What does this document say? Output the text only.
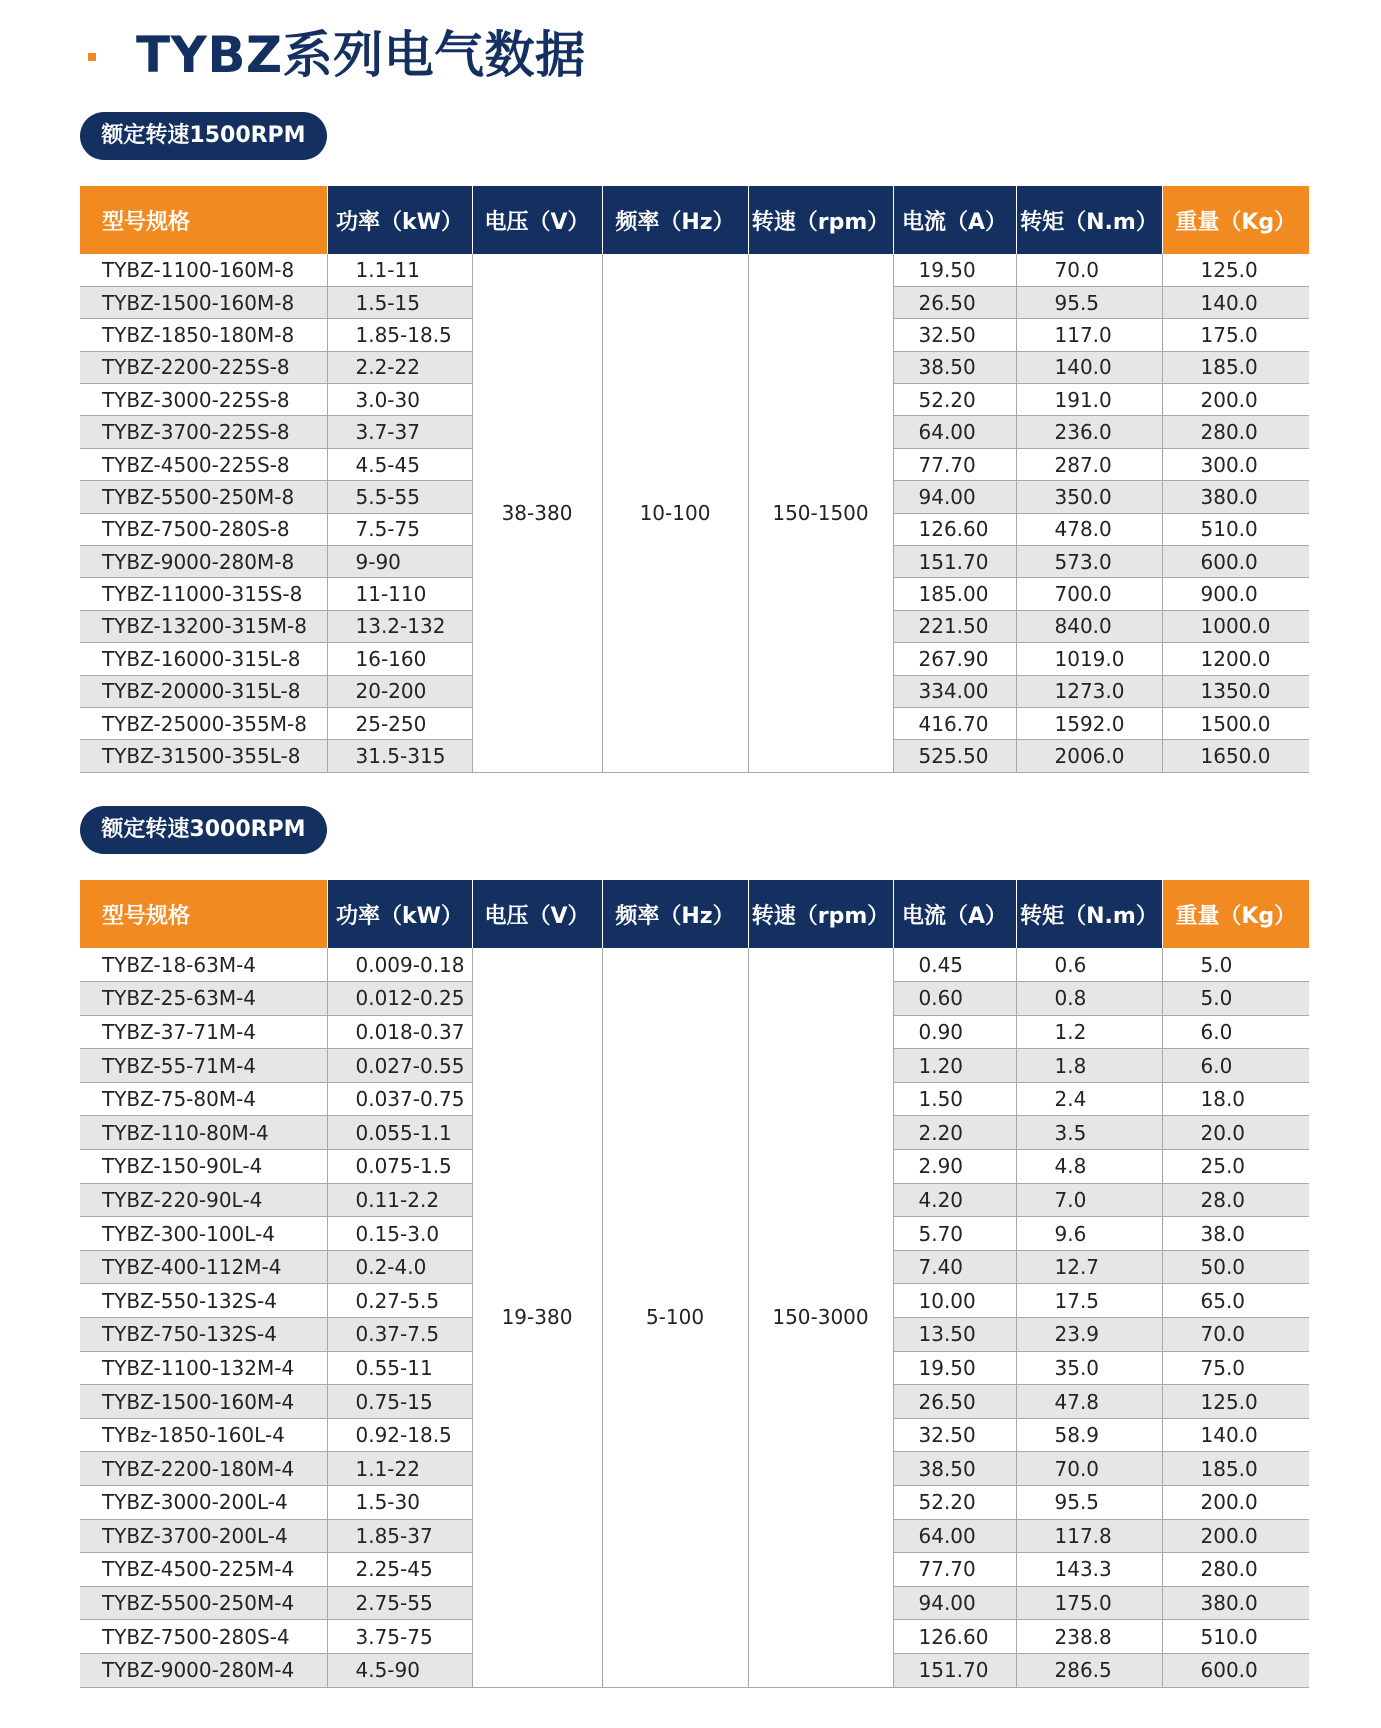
TYBZ系列电气数据
额定转速1500RPM
型号规格	功率（kW）	电压（V）	频率（Hz）	转速（rpm）	电流（A）	转矩（N.m）	重量（Kg）
TYBZ-1100-160M-8	1.1-11	38-380	10-100	150-1500	19.50	70.0	125.0
TYBZ-1500-160M-8	1.5-15				26.50	95.5	140.0
TYBZ-1850-180M-8	1.85-18.5				32.50	117.0	175.0
TYBZ-2200-225S-8	2.2-22				38.50	140.0	185.0
TYBZ-3000-225S-8	3.0-30				52.20	191.0	200.0
TYBZ-3700-225S-8	3.7-37				64.00	236.0	280.0
TYBZ-4500-225S-8	4.5-45				77.70	287.0	300.0
TYBZ-5500-250M-8	5.5-55				94.00	350.0	380.0
TYBZ-7500-280S-8	7.5-75				126.60	478.0	510.0
TYBZ-9000-280M-8	9-90				151.70	573.0	600.0
TYBZ-11000-315S-8	11-110				185.00	700.0	900.0
TYBZ-13200-315M-8	13.2-132				221.50	840.0	1000.0
TYBZ-16000-315L-8	16-160				267.90	1019.0	1200.0
TYBZ-20000-315L-8	20-200				334.00	1273.0	1350.0
TYBZ-25000-355M-8	25-250				416.70	1592.0	1500.0
TYBZ-31500-355L-8	31.5-315				525.50	2006.0	1650.0
额定转速3000RPM
型号规格	功率（kW）	电压（V）	频率（Hz）	转速（rpm）	电流（A）	转矩（N.m）	重量（Kg）
TYBZ-18-63M-4	0.009-0.18	19-380	5-100	150-3000	0.45	0.6	5.0
TYBZ-25-63M-4	0.012-0.25				0.60	0.8	5.0
TYBZ-37-71M-4	0.018-0.37				0.90	1.2	6.0
TYBZ-55-71M-4	0.027-0.55				1.20	1.8	6.0
TYBZ-75-80M-4	0.037-0.75				1.50	2.4	18.0
TYBZ-110-80M-4	0.055-1.1				2.20	3.5	20.0
TYBZ-150-90L-4	0.075-1.5				2.90	4.8	25.0
TYBZ-220-90L-4	0.11-2.2				4.20	7.0	28.0
TYBZ-300-100L-4	0.15-3.0				5.70	9.6	38.0
TYBZ-400-112M-4	0.2-4.0				7.40	12.7	50.0
TYBZ-550-132S-4	0.27-5.5				10.00	17.5	65.0
TYBZ-750-132S-4	0.37-7.5				13.50	23.9	70.0
TYBZ-1100-132M-4	0.55-11				19.50	35.0	75.0
TYBZ-1500-160M-4	0.75-15				26.50	47.8	125.0
TYBz-1850-160L-4	0.92-18.5				32.50	58.9	140.0
TYBZ-2200-180M-4	1.1-22				38.50	70.0	185.0
TYBZ-3000-200L-4	1.5-30				52.20	95.5	200.0
TYBZ-3700-200L-4	1.85-37				64.00	117.8	200.0
TYBZ-4500-225M-4	2.25-45				77.70	143.3	280.0
TYBZ-5500-250M-4	2.75-55				94.00	175.0	380.0
TYBZ-7500-280S-4	3.75-75				126.60	238.8	510.0
TYBZ-9000-280M-4	4.5-90				151.70	286.5	600.0
